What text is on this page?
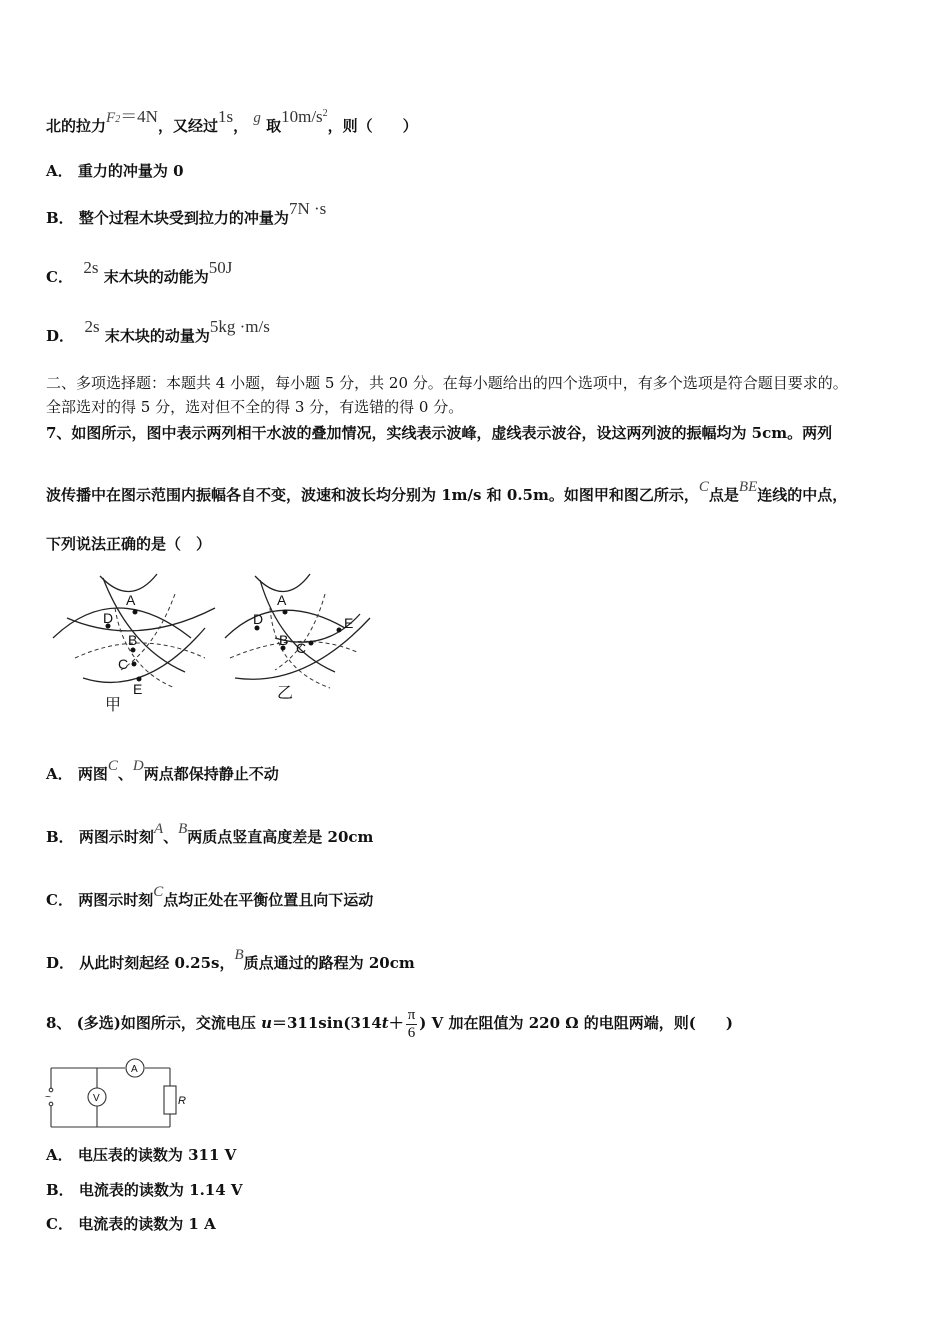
北的拉力F2＝4N，又经过1s， g 取$10m/s^2$，则（　　）
A． 重力的冲量为 0
B． 整个过程木块受到拉力的冲量为7N ·s
C． 2s 末木块的动能为50J
D． 2s 末木块的动量为5kg ·m/s
二、多项选择题：本题共 4 小题，每小题 5 分，共 20 分。在每小题给出的四个选项中，有多个选项是符合题目要求的。
全部选对的得 5 分，选对但不全的得 3 分，有选错的得 0 分。
7、如图所示，图中表示两列相干水波的叠加情况，实线表示波峰，虚线表示波谷，设这两列波的振幅均为 5cm。两列
波传播中在图示范围内振幅各自不变，波速和波长均分别为 1m/s 和 0.5m。如图甲和图乙所示，C点是BE连线的中点，
下列说法正确的是（　）
A
D
B
C
E
甲
A
D
B C
E
乙
A． 两图C、D两点都保持静止不动
B． 两图示时刻A、B两质点竖直高度差是 20cm
C． 两图示时刻C点均正处在平衡位置且向下运动
D． 从此时刻起经 0.25s，B质点通过的路程为 20cm
8、 (多选)如图所示，交流电压 $u=311\sin(314t+ \frac{\pi}{6}$ ) V 加在阻值为 220 Ω 的电阻两端，则(　　)
A
V	R
~
A． 电压表的读数为 311 V
B． 电流表的读数为 1.14 V
C． 电流表的读数为 1 A
